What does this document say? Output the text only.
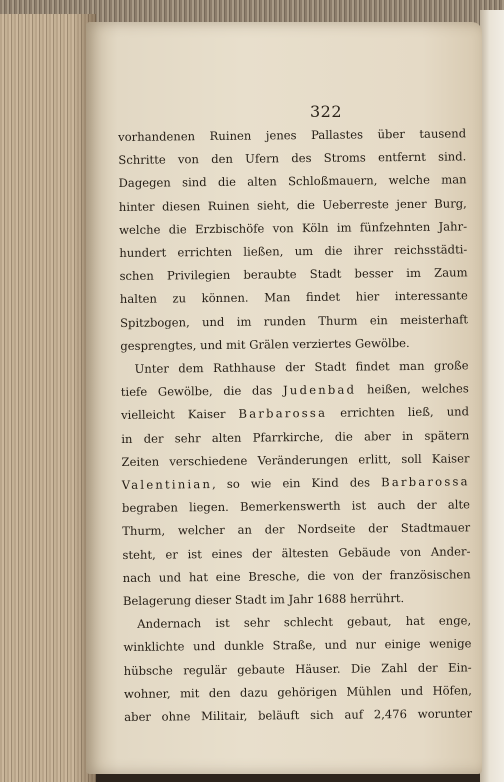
322
vorhandenen Ruinen jenes Pallastes über tausend
Schritte von den Ufern des Stroms entfernt sind.
Dagegen sind die alten Schloßmauern, welche man
hinter diesen Ruinen sieht, die Ueberreste jener Burg,
welche die Erzbischöfe von Köln im fünfzehnten Jahr-
hundert errichten ließen, um die ihrer reichsstädti-
schen Privilegien beraubte Stadt besser im Zaum
halten zu können. Man findet hier interessante
Spitzbogen, und im runden Thurm ein meisterhaft
gesprengtes, und mit Grälen verziertes Gewölbe.
Unter dem Rathhause der Stadt findet man große
tiefe Gewölbe, die das Judenbad heißen, welches
vielleicht Kaiser Barbarossa errichten ließ, und
in der sehr alten Pfarrkirche, die aber in spätern
Zeiten verschiedene Veränderungen erlitt, soll Kaiser
Valentinian, so wie ein Kind des Barbarossa
begraben liegen. Bemerkenswerth ist auch der alte
Thurm, welcher an der Nordseite der Stadtmauer
steht, er ist eines der ältesten Gebäude von Ander-
nach und hat eine Bresche, die von der französischen
Belagerung dieser Stadt im Jahr 1688 herrührt.
Andernach ist sehr schlecht gebaut, hat enge,
winklichte und dunkle Straße, und nur einige wenige
hübsche regulär gebaute Häuser. Die Zahl der Ein-
wohner, mit den dazu gehörigen Mühlen und Höfen,
aber ohne Militair, beläuft sich auf 2,476 worunter
